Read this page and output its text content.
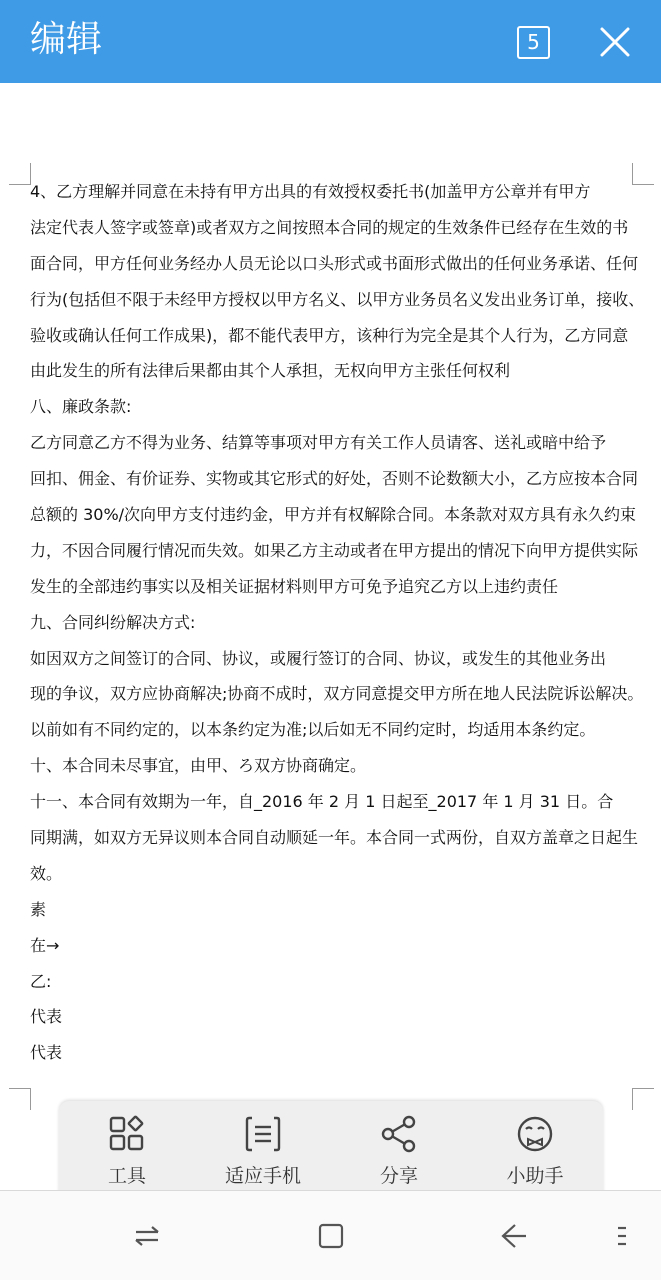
编辑	5
4、乙方理解并同意在未持有甲方出具的有效授权委托书(加盖甲方公章并有甲方
法定代表人签字或签章)或者双方之间按照本合同的规定的生效条件已经存在生效的书
面合同，甲方任何业务经办人员无论以口头形式或书面形式做出的任何业务承诺、任何
行为(包括但不限于未经甲方授权以甲方名义、以甲方业务员名义发出业务订单，接收、
验收或确认任何工作成果)，都不能代表甲方，该种行为完全是其个人行为，乙方同意
由此发生的所有法律后果都由其个人承担，无权向甲方主张任何权利
八、廉政条款:
乙方同意乙方不得为业务、结算等事项对甲方有关工作人员请客、送礼或暗中给予
回扣、佣金、有价证券、实物或其它形式的好处，否则不论数额大小，乙方应按本合同
总额的 30%/次向甲方支付违约金，甲方并有权解除合同。本条款对双方具有永久约束
力，不因合同履行情况而失效。如果乙方主动或者在甲方提出的情况下向甲方提供实际
发生的全部违约事实以及相关证据材料则甲方可免予追究乙方以上违约责任
九、合同纠纷解决方式:
如因双方之间签订的合同、协议，或履行签订的合同、协议，或发生的其他业务出
现的争议，双方应协商解决;协商不成时，双方同意提交甲方所在地人民法院诉讼解决。
以前如有不同约定的，以本条约定为准;以后如无不同约定时，均适用本条约定。
十、本合同未尽事宜，由甲、ろ双方协商确定。
十一、本合同有效期为一年，自_2016 年 2 月 1 日起至_2017 年 1 月 31 日。合
同期满，如双方无异议则本合同自动顺延一年。本合同一式两份，自双方盖章之日起生
效。
素
在→
乙:
代表
代表
工具	适应手机	分享	小助手
